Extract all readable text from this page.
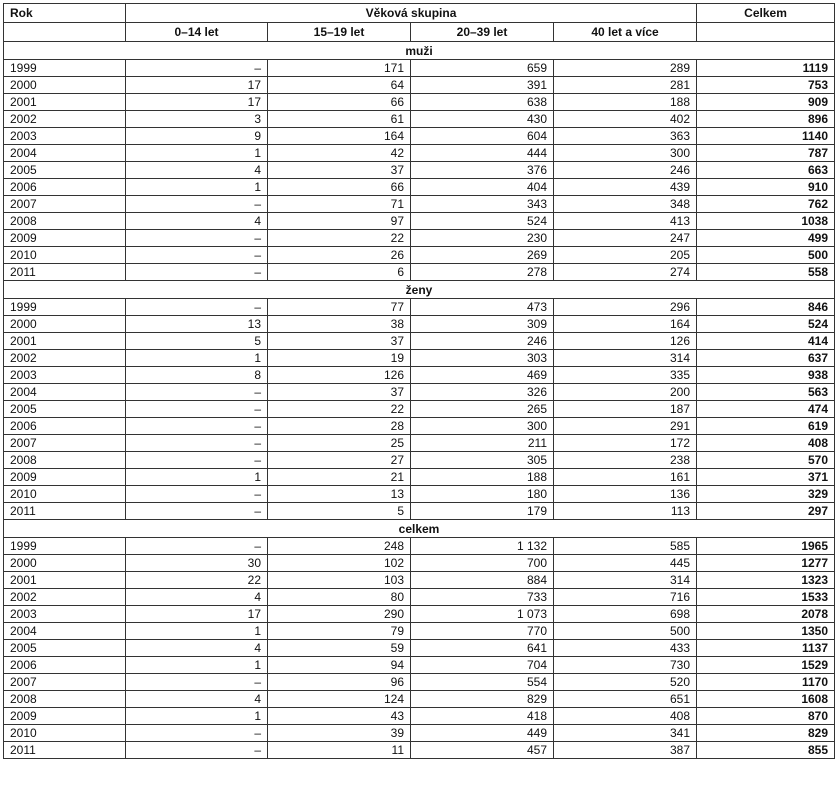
Rok	Věková skupina				Celkem
	0–14 let	15–19 let	20–39 let	40 let a více	
muži					
1999	–	171	659	289	1119
2000	17	64	391	281	753
2001	17	66	638	188	909
2002	3	61	430	402	896
2003	9	164	604	363	1140
2004	1	42	444	300	787
2005	4	37	376	246	663
2006	1	66	404	439	910
2007	–	71	343	348	762
2008	4	97	524	413	1038
2009	–	22	230	247	499
2010	–	26	269	205	500
2011	–	6	278	274	558
ženy					
1999	–	77	473	296	846
2000	13	38	309	164	524
2001	5	37	246	126	414
2002	1	19	303	314	637
2003	8	126	469	335	938
2004	–	37	326	200	563
2005	–	22	265	187	474
2006	–	28	300	291	619
2007	–	25	211	172	408
2008	–	27	305	238	570
2009	1	21	188	161	371
2010	–	13	180	136	329
2011	–	5	179	113	297
celkem					
1999	–	248	1 132	585	1965
2000	30	102	700	445	1277
2001	22	103	884	314	1323
2002	4	80	733	716	1533
2003	17	290	1 073	698	2078
2004	1	79	770	500	1350
2005	4	59	641	433	1137
2006	1	94	704	730	1529
2007	–	96	554	520	1170
2008	4	124	829	651	1608
2009	1	43	418	408	870
2010	–	39	449	341	829
2011	–	11	457	387	855
